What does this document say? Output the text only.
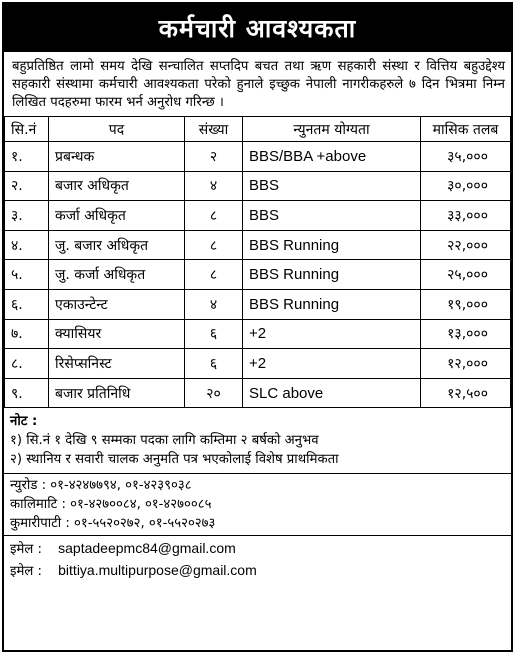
कर्मचारी आवश्यकता
बहुप्रतिष्ठित लामो समय देखि सन्चालित सप्तदिप बचत तथा ऋण सहकारी संस्था र वित्तिय बहुउद्देश्य सहकारी संस्थामा कर्मचारी आवश्यकता परेको हुनाले इच्छुक नेपाली नागरीकहरुले ७ दिन भित्रमा निम्न लिखित पदहरुमा फारम भर्न अनुरोध गरिन्छ ।
सि.नं	पद	संख्या	न्युनतम योग्यता	मासिक तलब
१.	प्रबन्धक	२	BBS/BBA +above	३५,०००
२.	बजार अधिकृत	४	BBS	३०,०००
३.	कर्जा अधिकृत	८	BBS	३३,०००
४.	जु. बजार अधिकृत	८	BBS Running	२२,०००
५.	जु. कर्जा अधिकृत	८	BBS Running	२५,०००
६.	एकाउन्टेन्ट	४	BBS Running	१९,०००
७.	क्यासियर	६	+2	१३,०००
८.	रिसेप्सनिस्ट	६	+2	१२,०००
९.	बजार प्रतिनिधि	२०	SLC above	१२,५००
नोट :
१) सि.नं १ देखि ९ सम्मका पदका लागि कम्तिमा २ बर्षको अनुभव
२) स्थानिय र सवारी चालक अनुमति पत्र भएकोलाई विशेष प्राथमिकता
न्युरोड : ०१-४२४७७९४, ०१-४२३९०३८
कालिमाटि : ०१-४२७००८४, ०१-४२७००८५
कुमारीपाटी : ०१-५५२०२७२, ०१-५५२०२७३
इमेल : saptadeepmc84@gmail.com
इमेल : bittiya.multipurpose@gmail.com
